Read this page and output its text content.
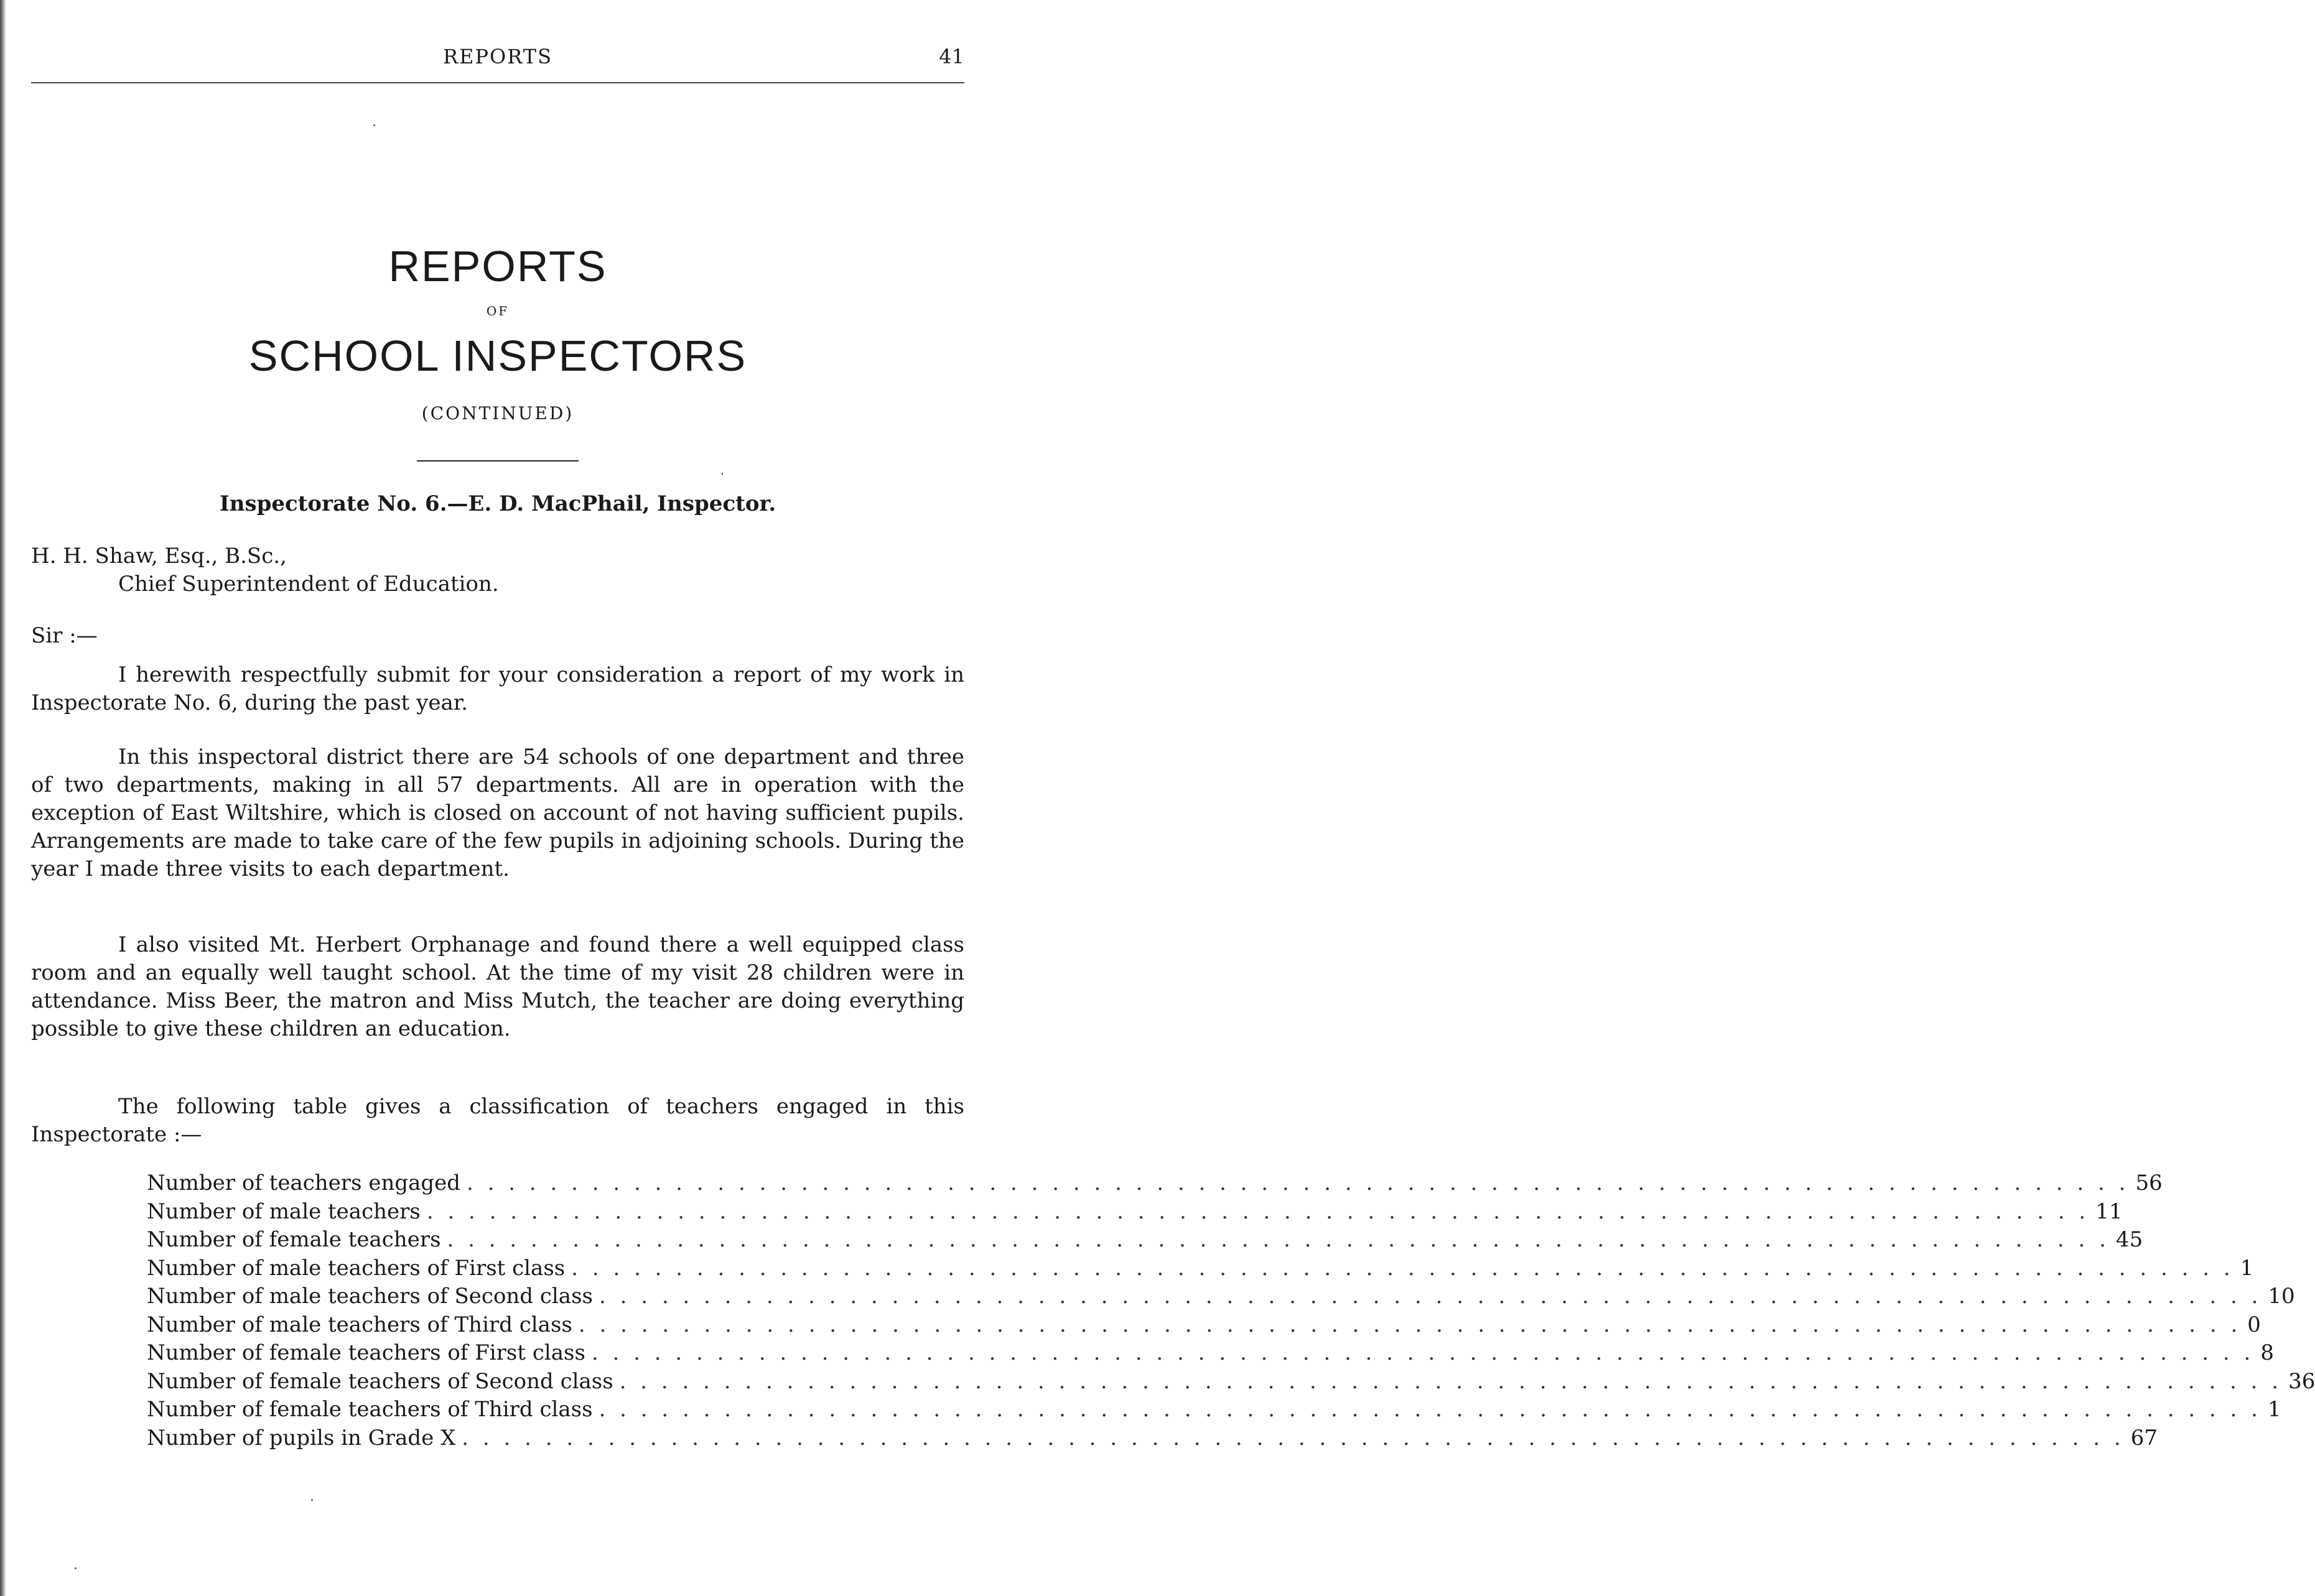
REPORTS	41
REPORTS
OF
SCHOOL INSPECTORS
(CONTINUED)
Inspectorate No. 6.—E. D. MacPhail, Inspector.
H. H. Shaw, Esq., B.Sc.,
Chief Superintendent of Education.
Sir :—

I herewith respectfully submit for your consideration a report of my work in Inspectorate No. 6, during the past year.

In this inspectoral district there are 54 schools of one department and three of two departments, making in all 57 departments. All are in operation with the exception of East Wiltshire, which is closed on account of not having sufficient pupils. Arrangements are made to take care of the few pupils in adjoining schools. During the year I made three visits to each department.

I also visited Mt. Herbert Orphanage and found there a well equipped class room and an equally well taught school. At the time of my visit 28 children were in attendance. Miss Beer, the matron and Miss Mutch, the teacher are doing everything possible to give these children an education.

The following table gives a classification of teachers engaged in this Inspectorate :—

Number of teachers engaged . . . . . . . . . . . . . . . . . . . . . . . . . . . . . . . . . . . . . . . . . . . . . . . . . . . . . . . . . . . . . . . . . . . . . . . . . . . . . . . . 56
Number of male teachers . . . . . . . . . . . . . . . . . . . . . . . . . . . . . . . . . . . . . . . . . . . . . . . . . . . . . . . . . . . . . . . . . . . . . . . . . . . . . . . . 11
Number of female teachers . . . . . . . . . . . . . . . . . . . . . . . . . . . . . . . . . . . . . . . . . . . . . . . . . . . . . . . . . . . . . . . . . . . . . . . . . . . . . . . . 45
Number of male teachers of First class . . . . . . . . . . . . . . . . . . . . . . . . . . . . . . . . . . . . . . . . . . . . . . . . . . . . . . . . . . . . . . . . . . . . . . . . . . . . . . . . 1
Number of male teachers of Second class . . . . . . . . . . . . . . . . . . . . . . . . . . . . . . . . . . . . . . . . . . . . . . . . . . . . . . . . . . . . . . . . . . . . . . . . . . . . . . . . 10
Number of male teachers of Third class . . . . . . . . . . . . . . . . . . . . . . . . . . . . . . . . . . . . . . . . . . . . . . . . . . . . . . . . . . . . . . . . . . . . . . . . . . . . . . . . 0
Number of female teachers of First class . . . . . . . . . . . . . . . . . . . . . . . . . . . . . . . . . . . . . . . . . . . . . . . . . . . . . . . . . . . . . . . . . . . . . . . . . . . . . . . . 8
Number of female teachers of Second class . . . . . . . . . . . . . . . . . . . . . . . . . . . . . . . . . . . . . . . . . . . . . . . . . . . . . . . . . . . . . . . . . . . . . . . . . . . . . . . . 36
Number of female teachers of Third class . . . . . . . . . . . . . . . . . . . . . . . . . . . . . . . . . . . . . . . . . . . . . . . . . . . . . . . . . . . . . . . . . . . . . . . . . . . . . . . . 1
Number of pupils in Grade X . . . . . . . . . . . . . . . . . . . . . . . . . . . . . . . . . . . . . . . . . . . . . . . . . . . . . . . . . . . . . . . . . . . . . . . . . . . . . . . . 67
